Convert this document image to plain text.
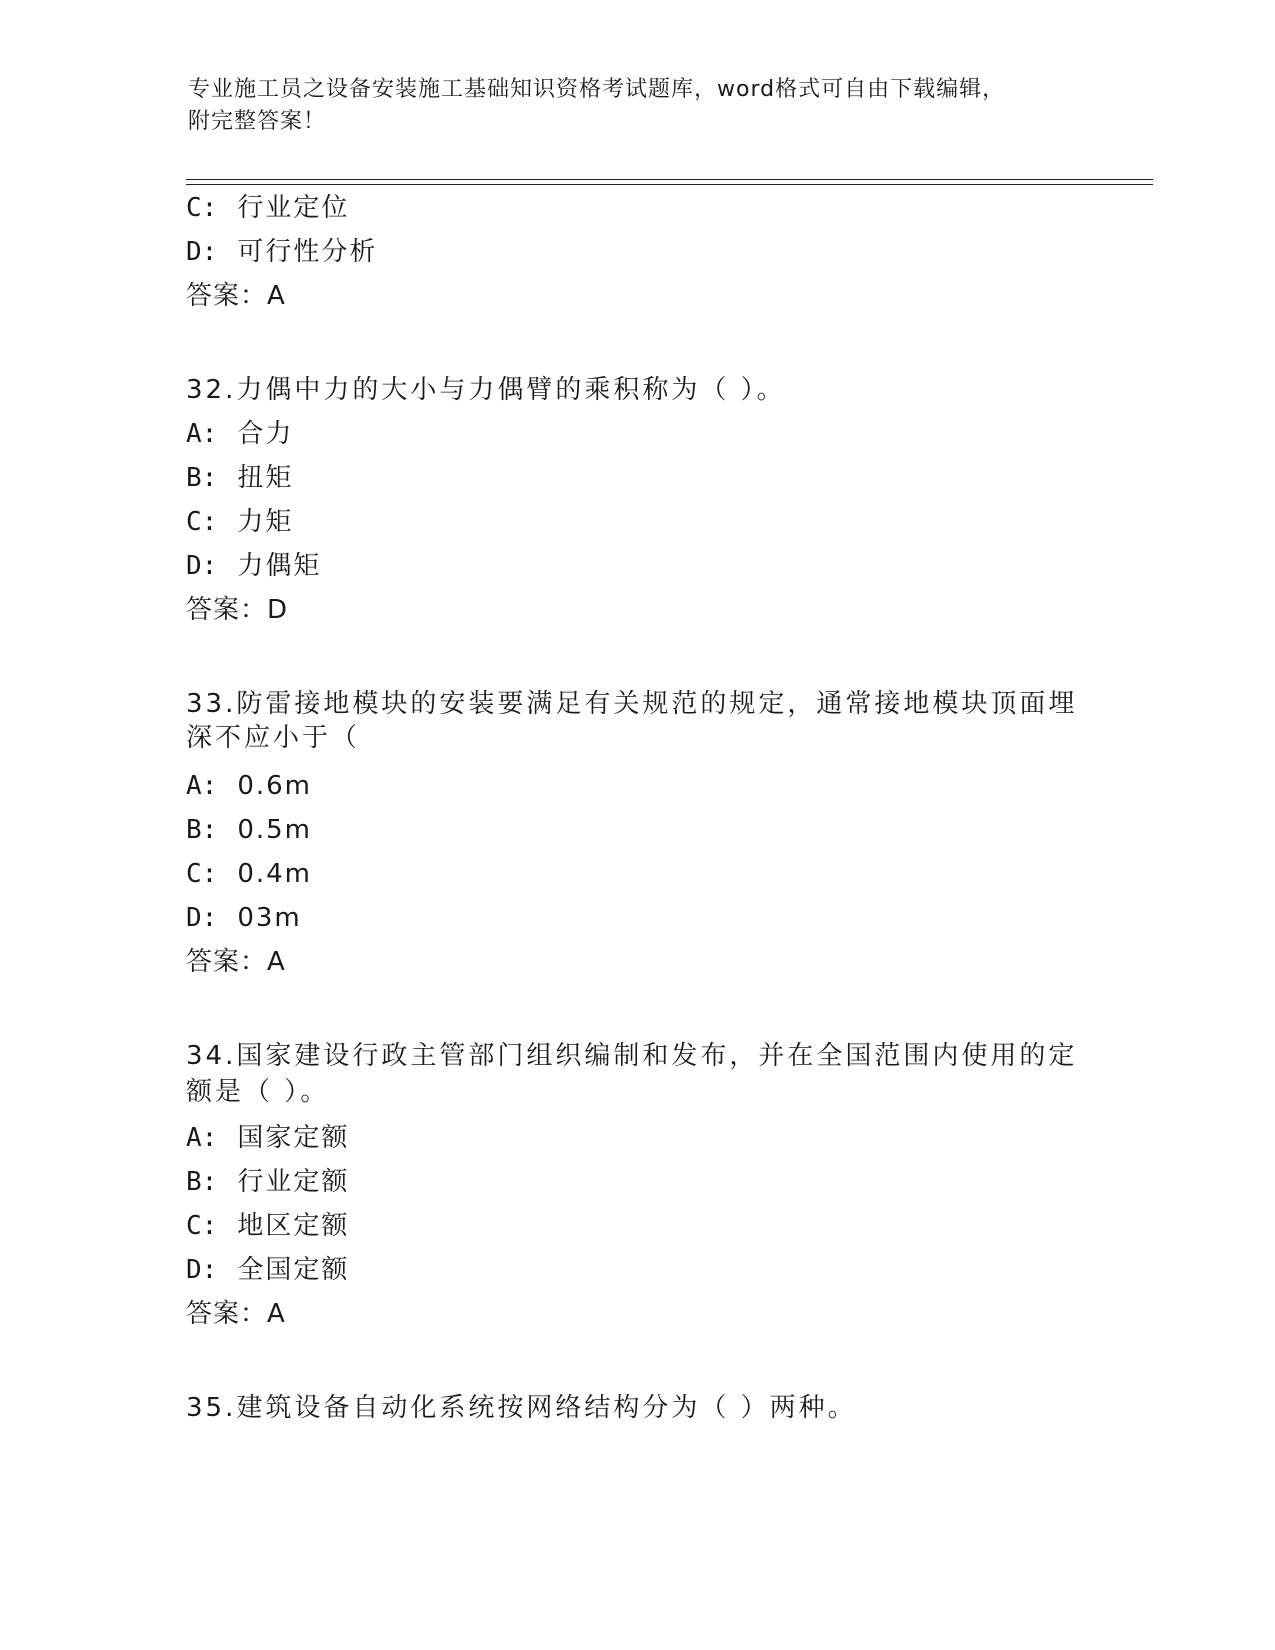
专业施工员之设备安装施工基础知识资格考试题库，word格式可自由下载编辑，
附完整答案！
C: 行业定位
D: 可行性分析
答案：A
32.力偶中力的大小与力偶臂的乘积称为（ ）。
A: 合力
B: 扭矩
C: 力矩
D: 力偶矩
答案：D
33.防雷接地模块的安装要满足有关规范的规定，通常接地模块顶面埋
深不应小于（
A: 0.6m
B: 0.5m
C: 0.4m
D: 03m
答案：A
34.国家建设行政主管部门组织编制和发布，并在全国范围内使用的定
额是（ ）。
A: 国家定额
B: 行业定额
C: 地区定额
D: 全国定额
答案：A
35.建筑设备自动化系统按网络结构分为（ ）两种。
